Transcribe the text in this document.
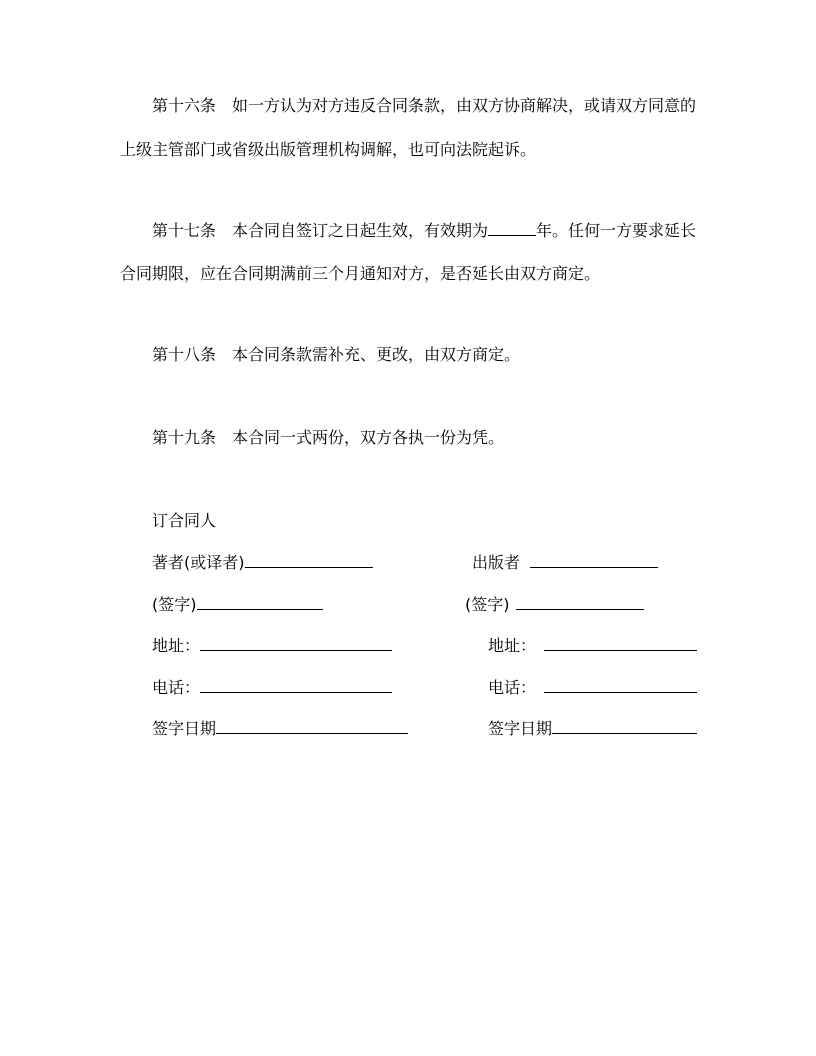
第十六条 如一方认为对方违反合同条款，由双方协商解决，或请双方同意的
上级主管部门或省级出版管理机构调解，也可向法院起诉。
第十七条 本合同自签订之日起生效，有效期为	年。任何一方要求延长
合同期限，应在合同期满前三个月通知对方，是否延长由双方商定。
第十八条 本合同条款需补充、更改，由双方商定。
第十九条 本合同一式两份，双方各执一份为凭。
订合同人
著者(或译者)	出版者
(签字)	(签字)
地址：	地址：
电话：	电话：
签字日期	签字日期
